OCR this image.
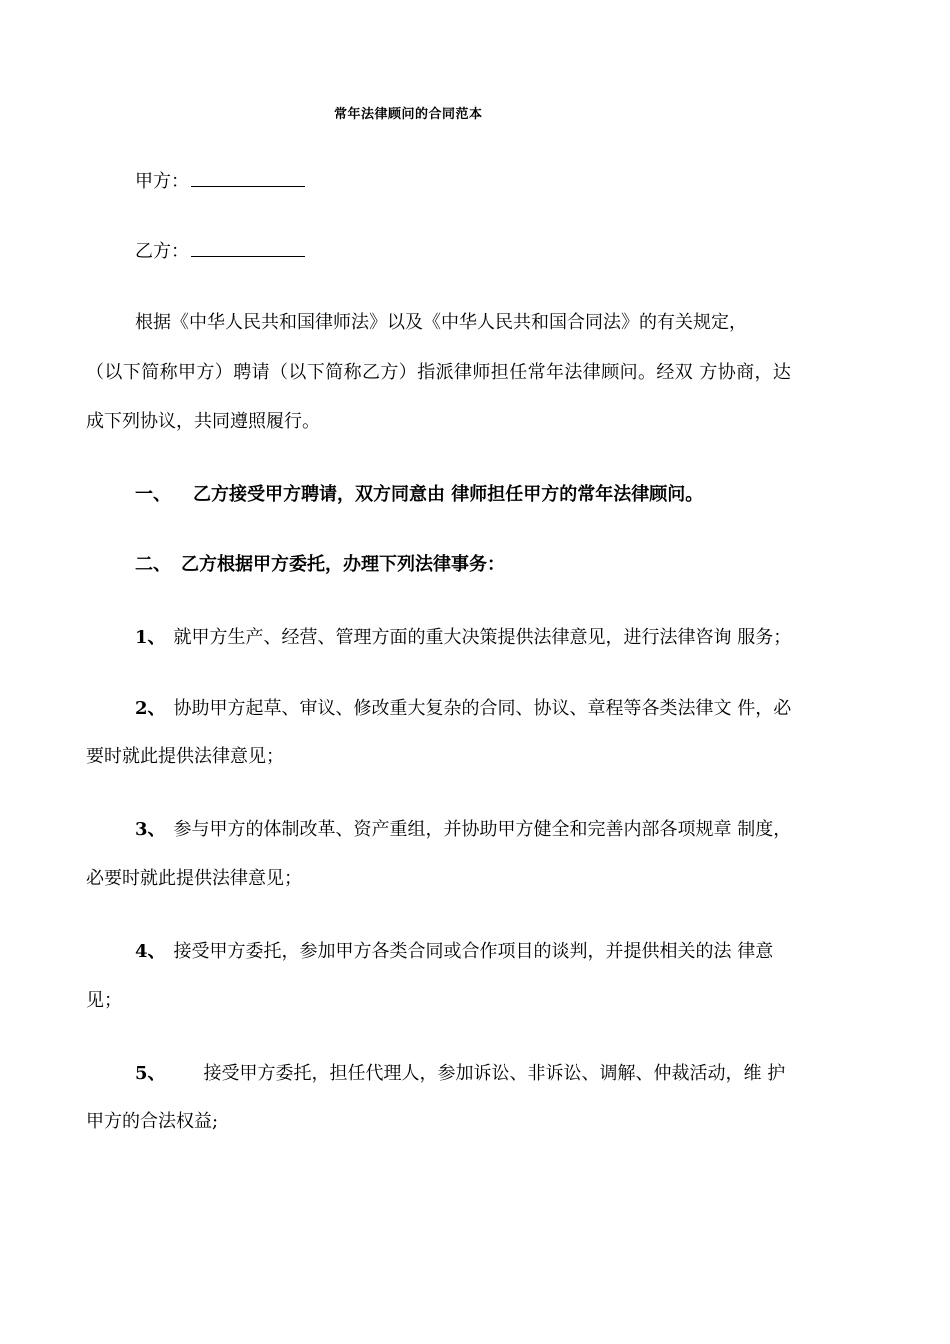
常年法律顾问的合同范本
甲方：
乙方：
根据《中华人民共和国律师法》以及《中华人民共和国合同法》的有关规定，
（以下简称甲方）聘请（以下简称乙方）指派律师担任常年法律顾问。经双 方协商，达
成下列协议，共同遵照履行。
一、 乙方接受甲方聘请，双方同意由 律师担任甲方的常年法律顾问。
二、 乙方根据甲方委托，办理下列法律事务：
1、 就甲方生产、经营、管理方面的重大决策提供法律意见，进行法律咨询 服务；
2、 协助甲方起草、审议、修改重大复杂的合同、协议、章程等各类法律文 件，必
要时就此提供法律意见；
3、 参与甲方的体制改革、资产重组，并协助甲方健全和完善内部各项规章 制度，
必要时就此提供法律意见；
4、 接受甲方委托，参加甲方各类合同或合作项目的谈判，并提供相关的法 律意
见；
5、 接受甲方委托，担任代理人，参加诉讼、非诉讼、调解、仲裁活动，维 护
甲方的合法权益;
